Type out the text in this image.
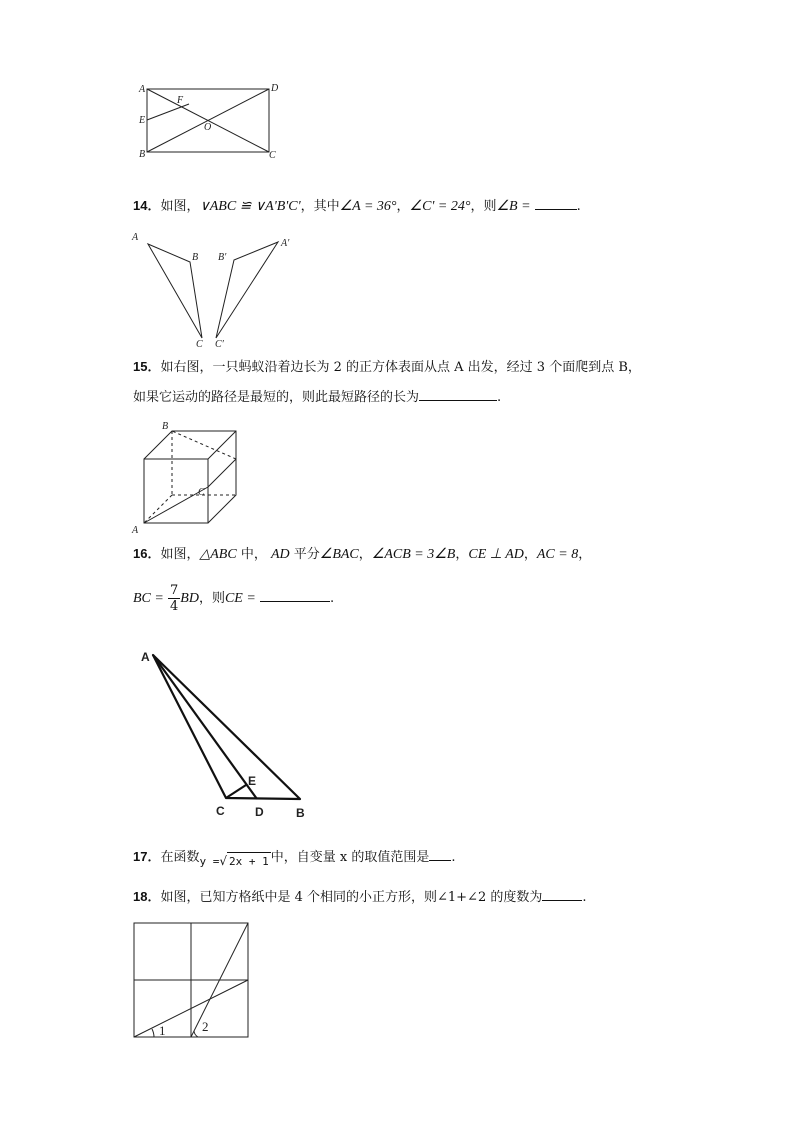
A	D
F
E
O
B	C
14．如图，∨ABC ≌ ∨A'B'C'，其中∠A = 36°，∠C' = 24°，则∠B =	.
A
B
C
B′
A′
C′
15．如右图，一只蚂蚁沿着边长为 2 的正方体表面从点 A 出发，经过 3 个面爬到点 B，
如果它运动的路径是最短的，则此最短路径的长为	.
B
C
A
16．如图，△ABC 中， AD 平分∠BAC，∠ACB = 3∠B，CE ⊥ AD，AC = 8，
BC = $\frac{7}{4}$ BD，则CE =	.
A
E
C	D	B
17．在函数$_{y =}$√ 2x + 1 中，自变量 x 的取值范围是 .
18．如图，已知方格纸中是 4 个相同的小正方形，则∠1+∠2 的度数为	.
1	2
